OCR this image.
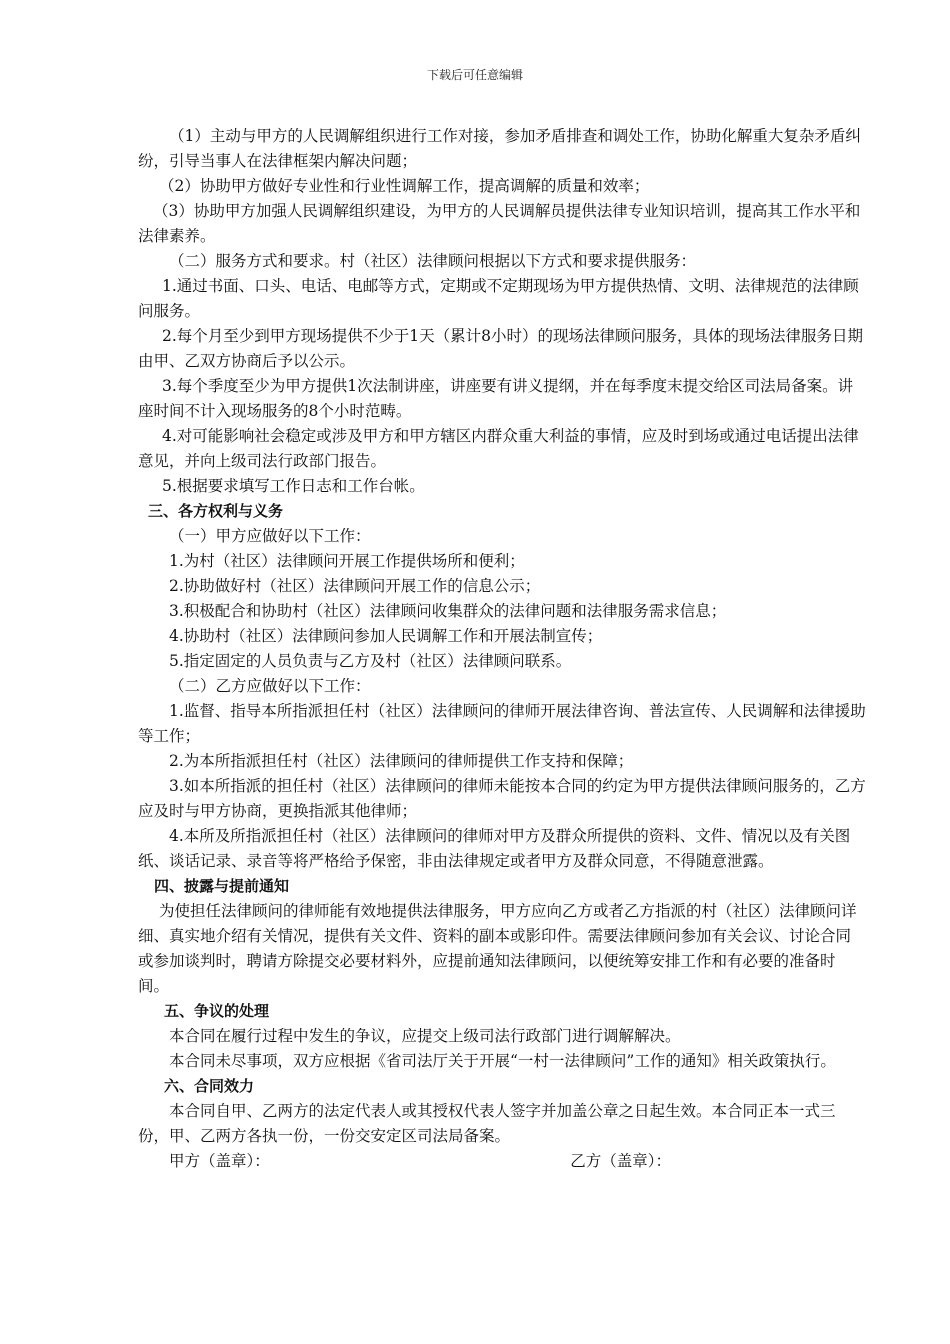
下载后可任意编辑

（1）主动与甲方的人民调解组织进行工作对接，参加矛盾排查和调处工作，协助化解重大复杂矛盾纠纷，引导当事人在法律框架内解决问题；

（2）协助甲方做好专业性和行业性调解工作，提高调解的质量和效率；

（3）协助甲方加强人民调解组织建设，为甲方的人民调解员提供法律专业知识培训，提高其工作水平和法律素养。

（二）服务方式和要求。村（社区）法律顾问根据以下方式和要求提供服务：

1.通过书面、口头、电话、电邮等方式，定期或不定期现场为甲方提供热情、文明、法律规范的法律顾问服务。

2.每个月至少到甲方现场提供不少于1天（累计8小时）的现场法律顾问服务，具体的现场法律服务日期由甲、乙双方协商后予以公示。

3.每个季度至少为甲方提供1次法制讲座，讲座要有讲义提纲，并在每季度末提交给区司法局备案。讲座时间不计入现场服务的8个小时范畴。

4.对可能影响社会稳定或涉及甲方和甲方辖区内群众重大利益的事情，应及时到场或通过电话提出法律意见，并向上级司法行政部门报告。

5.根据要求填写工作日志和工作台帐。

三、各方权利与义务

（一）甲方应做好以下工作：

1.为村（社区）法律顾问开展工作提供场所和便利；

2.协助做好村（社区）法律顾问开展工作的信息公示；

3.积极配合和协助村（社区）法律顾问收集群众的法律问题和法律服务需求信息；

4.协助村（社区）法律顾问参加人民调解工作和开展法制宣传；

5.指定固定的人员负责与乙方及村（社区）法律顾问联系。

（二）乙方应做好以下工作：

1.监督、指导本所指派担任村（社区）法律顾问的律师开展法律咨询、普法宣传、人民调解和法律援助等工作；

2.为本所指派担任村（社区）法律顾问的律师提供工作支持和保障；

3.如本所指派的担任村（社区）法律顾问的律师未能按本合同的约定为甲方提供法律顾问服务的，乙方应及时与甲方协商，更换指派其他律师；

4.本所及所指派担任村（社区）法律顾问的律师对甲方及群众所提供的资料、文件、情况以及有关图纸、谈话记录、录音等将严格给予保密，非由法律规定或者甲方及群众同意，不得随意泄露。

四、披露与提前通知

为使担任法律顾问的律师能有效地提供法律服务，甲方应向乙方或者乙方指派的村（社区）法律顾问详细、真实地介绍有关情况，提供有关文件、资料的副本或影印件。需要法律顾问参加有关会议、讨论合同或参加谈判时，聘请方除提交必要材料外，应提前通知法律顾问，以便统筹安排工作和有必要的准备时间。

五、争议的处理

本合同在履行过程中发生的争议，应提交上级司法行政部门进行调解解决。

本合同未尽事项，双方应根据《省司法厅关于开展“一村一法律顾问”工作的通知》相关政策执行。

六、合同效力

本合同自甲、乙两方的法定代表人或其授权代表人签字并加盖公章之日起生效。本合同正本一式三份，甲、乙两方各执一份，一份交安定区司法局备案。

甲方（盖章）：	乙方（盖章）：
